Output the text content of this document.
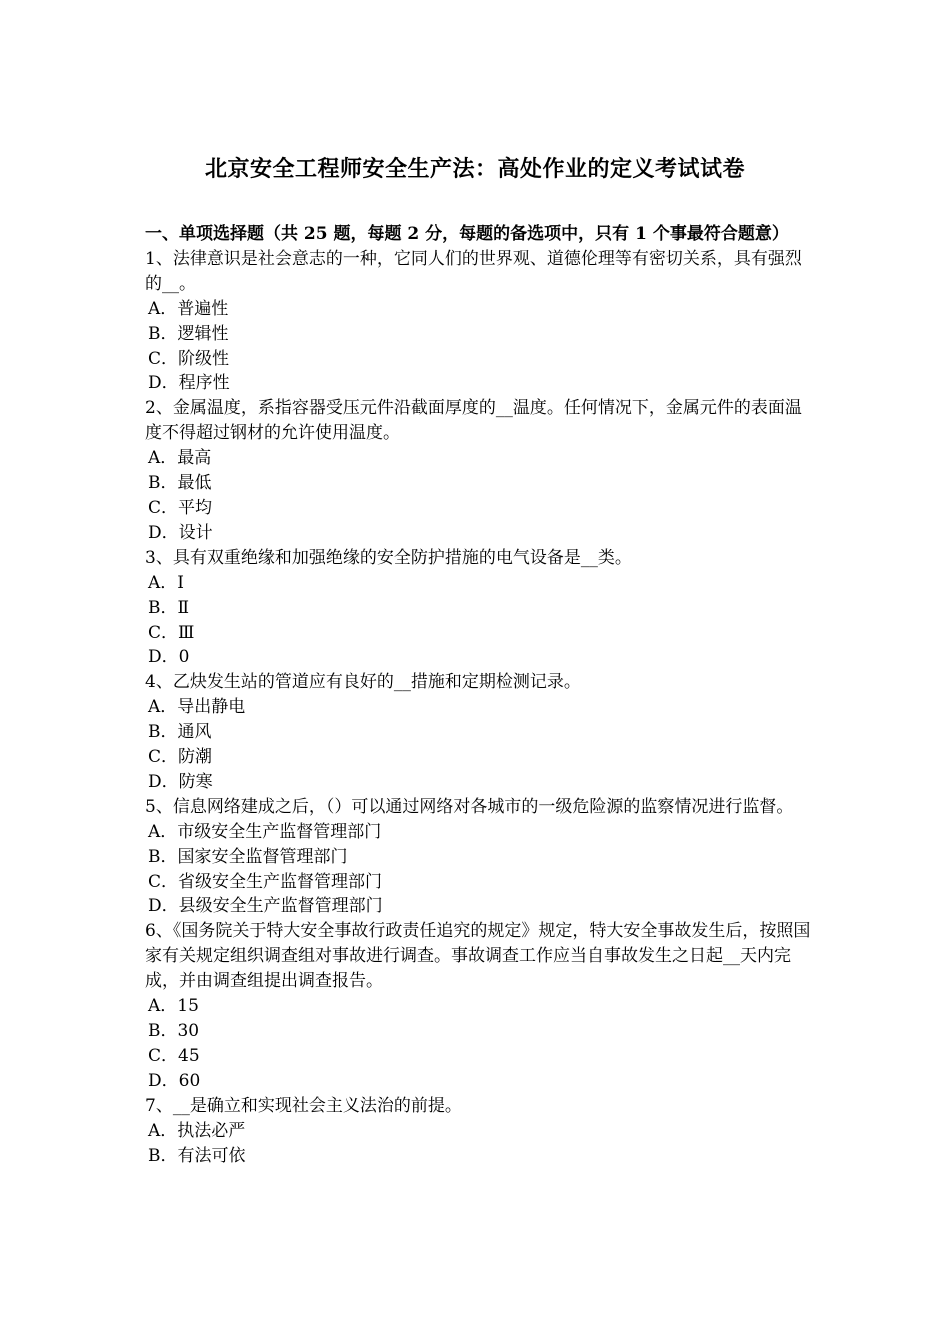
北京安全工程师安全生产法：高处作业的定义考试试卷
一、单项选择题（共 25 题，每题 2 分，每题的备选项中，只有 1 个事最符合题意）
1、法律意识是社会意志的一种，它同人们的世界观、道德伦理等有密切关系，具有强烈的__。
A．普遍性
B．逻辑性
C．阶级性
D．程序性
2、金属温度，系指容器受压元件沿截面厚度的__温度。任何情况下，金属元件的表面温度不得超过钢材的允许使用温度。
A．最高
B．最低
C．平均
D．设计
3、具有双重绝缘和加强绝缘的安全防护措施的电气设备是__类。
A．Ⅰ
B．Ⅱ
C．Ⅲ
D．0
4、乙炔发生站的管道应有良好的__措施和定期检测记录。
A．导出静电
B．通风
C．防潮
D．防寒
5、信息网络建成之后，（）可以通过网络对各城市的一级危险源的监察情况进行监督。
A．市级安全生产监督管理部门
B．国家安全监督管理部门
C．省级安全生产监督管理部门
D．县级安全生产监督管理部门
6、《国务院关于特大安全事故行政责任追究的规定》规定，特大安全事故发生后，按照国家有关规定组织调查组对事故进行调查。事故调查工作应当自事故发生之日起__天内完成，并由调查组提出调查报告。
A．15
B．30
C．45
D．60
7、__是确立和实现社会主义法治的前提。
A．执法必严
B．有法可依
